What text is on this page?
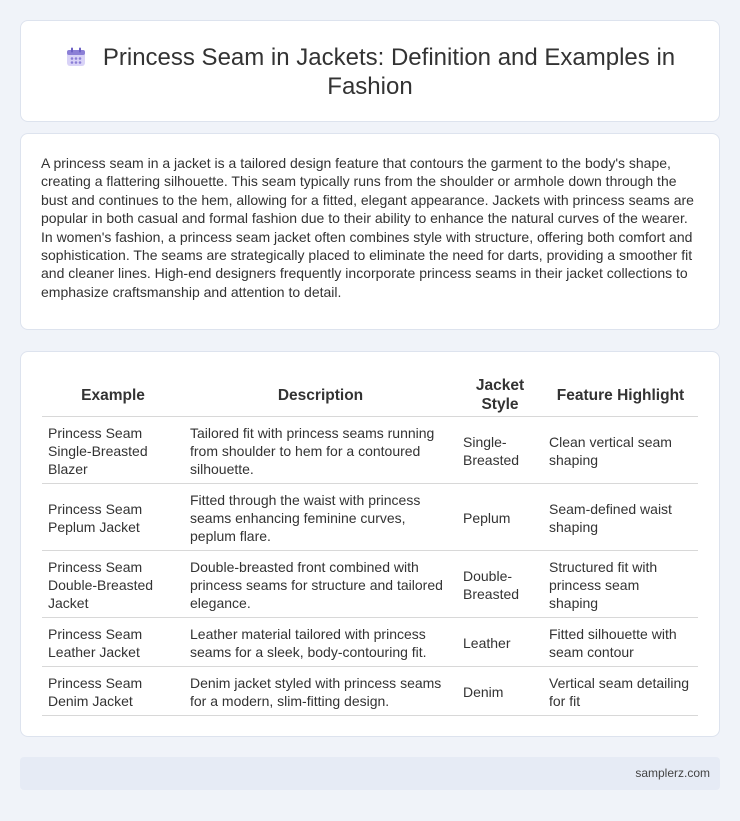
Princess Seam in Jackets: Definition and Examples in Fashion

A princess seam in a jacket is a tailored design feature that contours the garment to the body's shape, creating a flattering silhouette. This seam typically runs from the shoulder or armhole down through the bust and continues to the hem, allowing for a fitted, elegant appearance. Jackets with princess seams are popular in both casual and formal fashion due to their ability to enhance the natural curves of the wearer. In women's fashion, a princess seam jacket often combines style with structure, offering both comfort and sophistication. The seams are strategically placed to eliminate the need for darts, providing a smoother fit and cleaner lines. High-end designers frequently incorporate princess seams in their jacket collections to emphasize craftsmanship and attention to detail.

Example	Description	Jacket Style	Feature Highlight
Princess Seam Single-Breasted Blazer	Tailored fit with princess seams running from shoulder to hem for a contoured silhouette.	Single-Breasted	Clean vertical seam shaping
Princess Seam Peplum Jacket	Fitted through the waist with princess seams enhancing feminine curves, peplum flare.	Peplum	Seam-defined waist shaping
Princess Seam Double-Breasted Jacket	Double-breasted front combined with princess seams for structure and tailored elegance.	Double-Breasted	Structured fit with princess seam shaping
Princess Seam Leather Jacket	Leather material tailored with princess seams for a sleek, body-contouring fit.	Leather	Fitted silhouette with seam contour
Princess Seam Denim Jacket	Denim jacket styled with princess seams for a modern, slim-fitting design.	Denim	Vertical seam detailing for fit
samplerz.com
